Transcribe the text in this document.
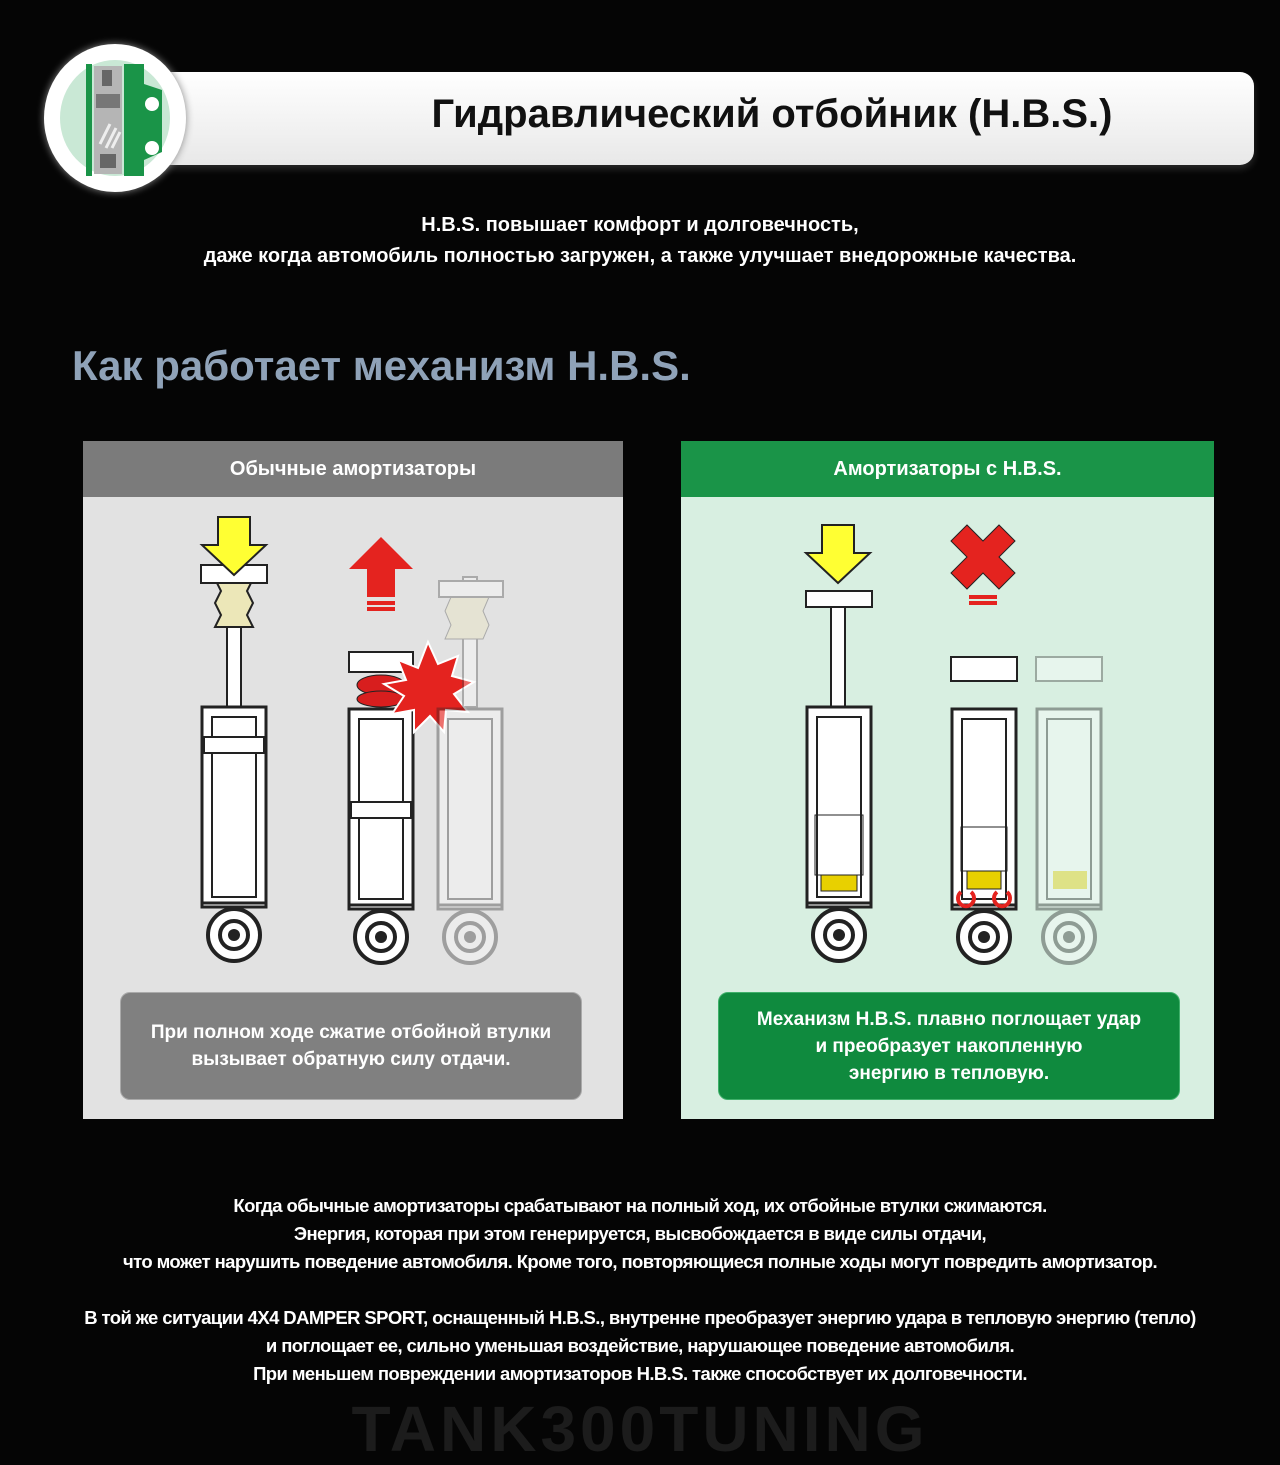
Гидравлический отбойник (H.B.S.)
H.B.S. повышает комфорт и долговечность,
даже когда автомобиль полностью загружен, а также улучшает внедорожные качества.
Как работает механизм H.B.S.
Обычные амортизаторы
При полном ходе сжатие отбойной втулки
вызывает обратную силу отдачи.
Амортизаторы с H.B.S.
Механизм H.B.S. плавно поглощает удар
и преобразует накопленную
энергию в тепловую.
Когда обычные амортизаторы срабатывают на полный ход, их отбойные втулки сжимаются.
Энергия, которая при этом генерируется, высвобождается в виде силы отдачи,
что может нарушить поведение автомобиля. Кроме того, повторяющиеся полные ходы могут повредить амортизатор.
В той же ситуации 4X4 DAMPER SPORT, оснащенный H.B.S., внутренне преобразует энергию удара в тепловую энергию (тепло)
и поглощает ее, сильно уменьшая воздействие, нарушающее поведение автомобиля.
При меньшем повреждении амортизаторов H.B.S. также способствует их долговечности.
TANK300TUNING
